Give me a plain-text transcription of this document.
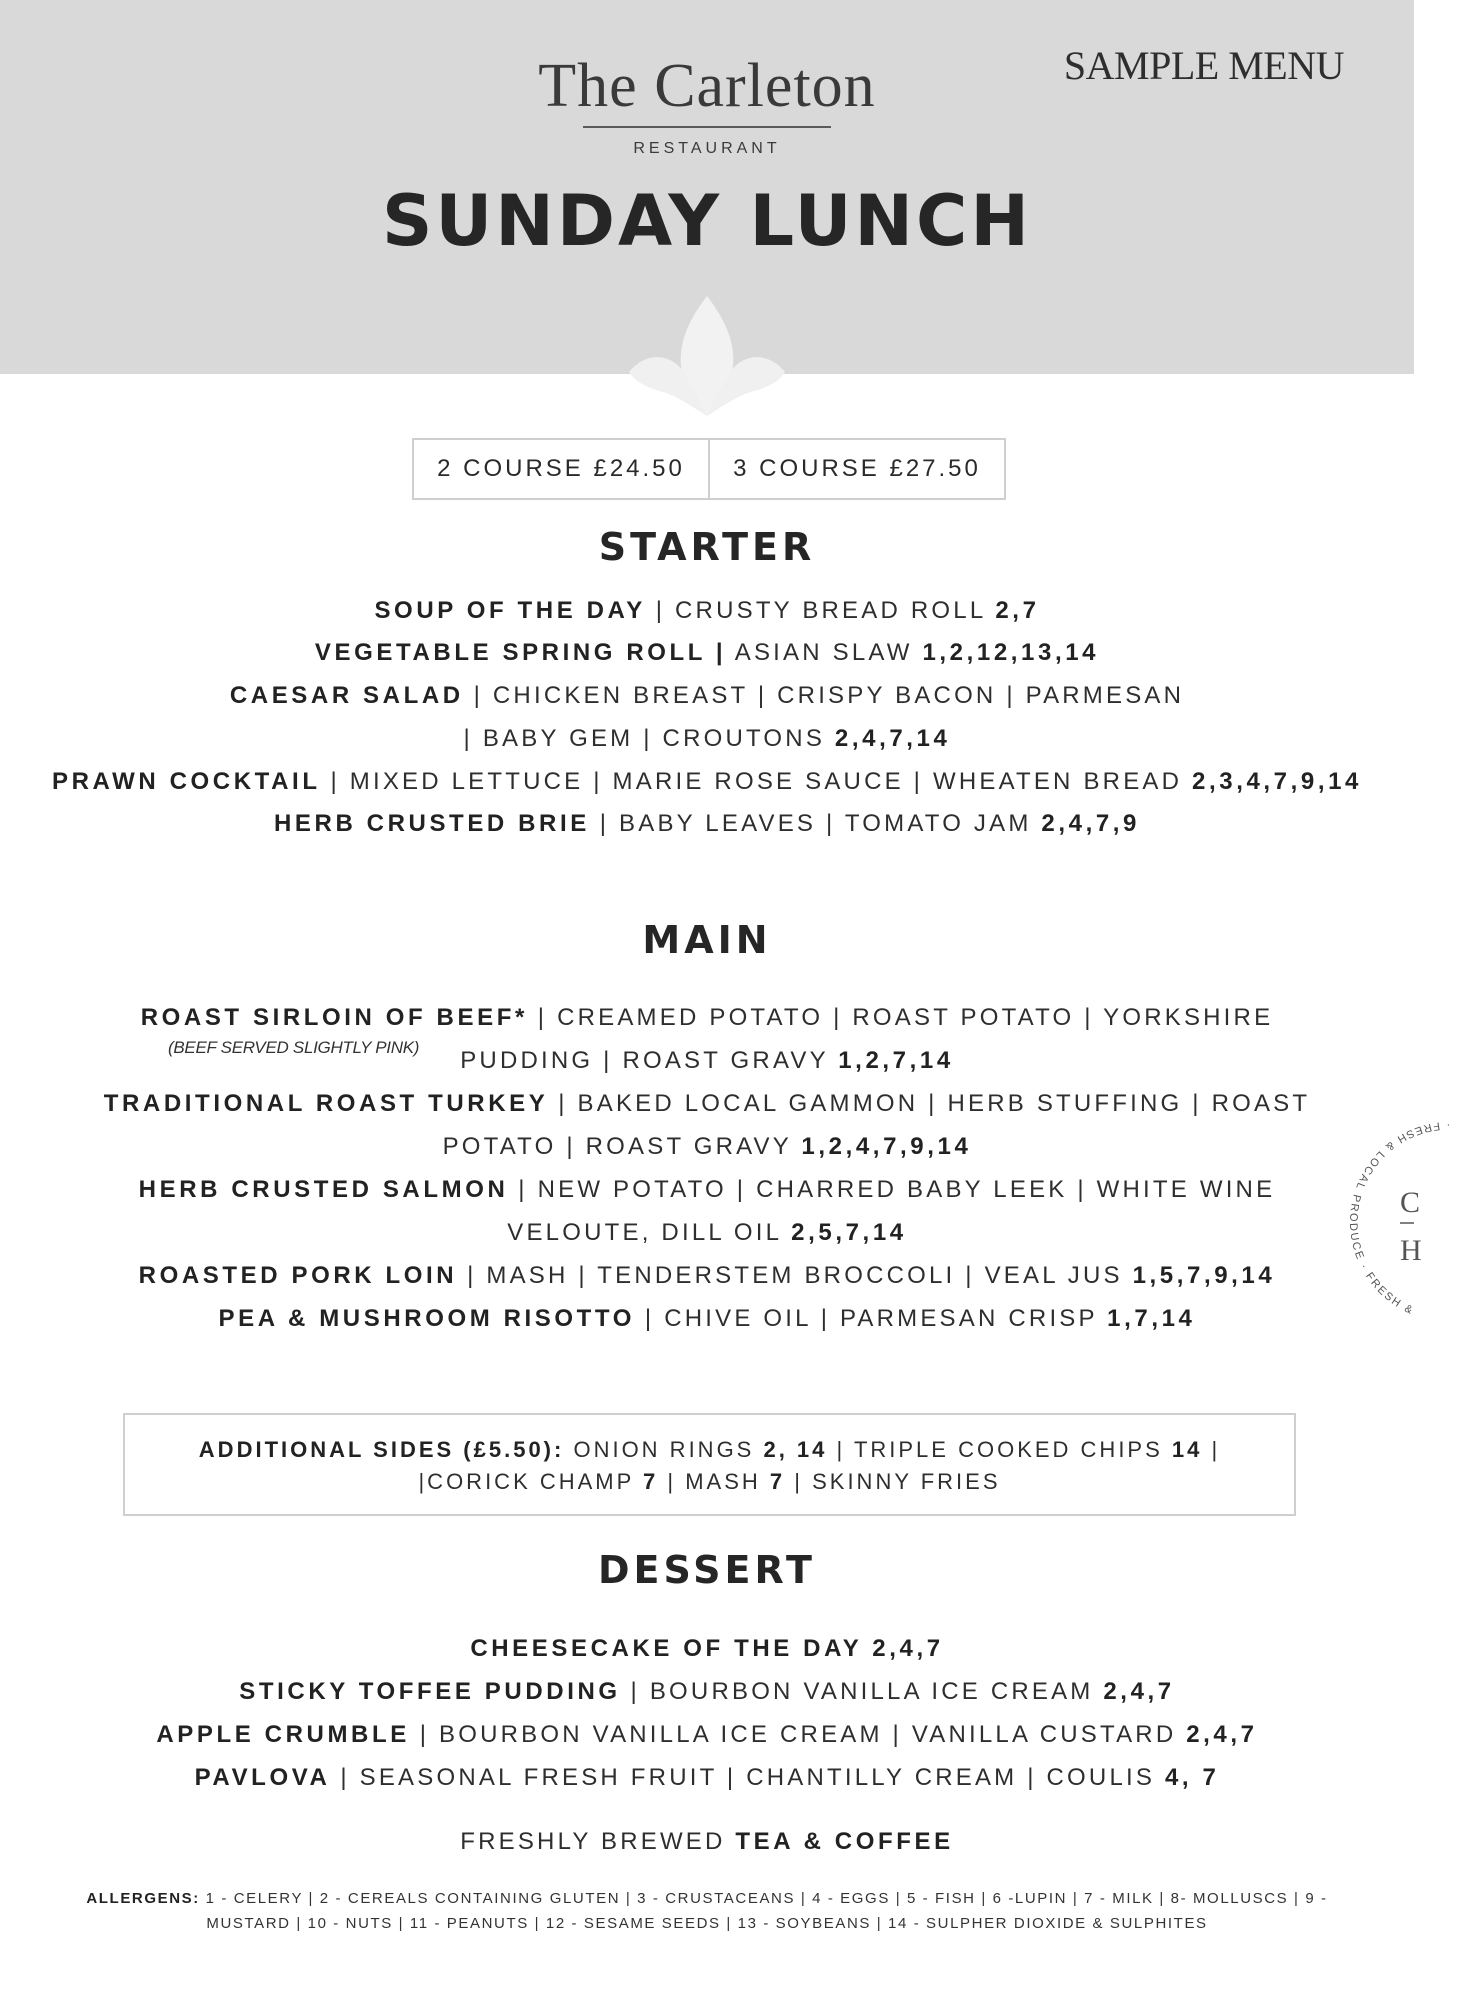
SAMPLE MENU
The Carleton
RESTAURANT
SUNDAY LUNCH
2 COURSE £24.50	3 COURSE £27.50
STARTER
SOUP OF THE DAY | CRUSTY BREAD ROLL 2,7
VEGETABLE SPRING ROLL | ASIAN SLAW 1,2,12,13,14
CAESAR SALAD | CHICKEN BREAST | CRISPY BACON | PARMESAN
| BABY GEM | CROUTONS 2,4,7,14
PRAWN COCKTAIL | MIXED LETTUCE | MARIE ROSE SAUCE | WHEATEN BREAD 2,3,4,7,9,14
HERB CRUSTED BRIE | BABY LEAVES | TOMATO JAM 2,4,7,9
MAIN
ROAST SIRLOIN OF BEEF* | CREAMED POTATO | ROAST POTATO | YORKSHIRE
(BEEF SERVED SLIGHTLY PINK)	PUDDING | ROAST GRAVY 1,2,7,14
TRADITIONAL ROAST TURKEY | BAKED LOCAL GAMMON | HERB STUFFING | ROAST
POTATO | ROAST GRAVY 1,2,4,7,9,14
HERB CRUSTED SALMON | NEW POTATO | CHARRED BABY LEEK | WHITE WINE
VELOUTE, DILL OIL 2,5,7,14
ROASTED PORK LOIN | MASH | TENDERSTEM BROCCOLI | VEAL JUS 1,5,7,9,14
PEA & MUSHROOM RISOTTO | CHIVE OIL | PARMESAN CRISP 1,7,14
ADDITIONAL SIDES (£5.50): ONION RINGS 2, 14 | TRIPLE COOKED CHIPS 14 |
|CORICK CHAMP 7 | MASH 7 | SKINNY FRIES
DESSERT
CHEESECAKE OF THE DAY 2,4,7
STICKY TOFFEE PUDDING | BOURBON VANILLA ICE CREAM 2,4,7
APPLE CRUMBLE | BOURBON VANILLA ICE CREAM | VANILLA CUSTARD 2,4,7
PAVLOVA | SEASONAL FRESH FRUIT | CHANTILLY CREAM | COULIS 4, 7
FRESHLY BREWED TEA & COFFEE
ALLERGENS: 1 - CELERY | 2 - CEREALS CONTAINING GLUTEN | 3 - CRUSTACEANS | 4 - EGGS | 5 - FISH | 6 -LUPIN | 7 - MILK | 8- MOLLUSCS | 9 -
MUSTARD | 10 - NUTS | 11 - PEANUTS | 12 - SESAME SEEDS | 13 - SOYBEANS | 14 - SULPHER DIOXIDE & SULPHITES
· FRESH & LOCAL PRODUCE · FRESH &
C
H
